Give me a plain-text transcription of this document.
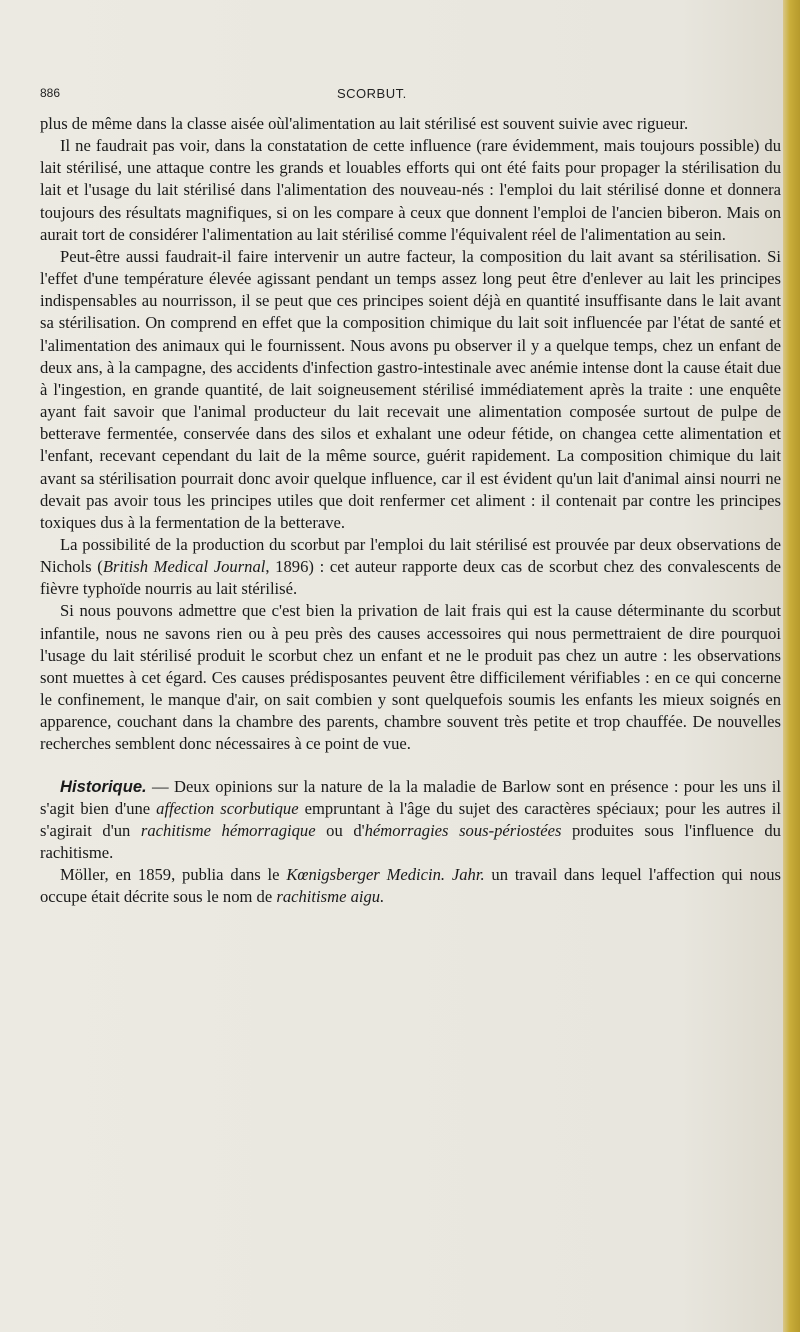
886	SCORBUT.

plus de même dans la classe aisée oùl'alimentation au lait stérilisé est souvent suivie avec rigueur.

Il ne faudrait pas voir, dans la constatation de cette influence (rare évidemment, mais toujours possible) du lait stérilisé, une attaque contre les grands et louables efforts qui ont été faits pour propager la stérilisation du lait et l'usage du lait stérilisé dans l'alimentation des nouveau-nés : l'emploi du lait stérilisé donne et donnera toujours des résultats magnifiques, si on les compare à ceux que donnent l'emploi de l'ancien biberon. Mais on aurait tort de considérer l'alimentation au lait stérilisé comme l'équivalent réel de l'alimentation au sein.

Peut-être aussi faudrait-il faire intervenir un autre facteur, la composition du lait avant sa stérilisation. Si l'effet d'une température élevée agissant pendant un temps assez long peut être d'enlever au lait les principes indispensables au nourrisson, il se peut que ces principes soient déjà en quantité insuffisante dans le lait avant sa stérilisation. On comprend en effet que la composition chimique du lait soit influencée par l'état de santé et l'alimentation des animaux qui le fournissent. Nous avons pu observer il y a quelque temps, chez un enfant de deux ans, à la campagne, des accidents d'infection gastro-intestinale avec anémie intense dont la cause était due à l'ingestion, en grande quantité, de lait soigneusement stérilisé immédiatement après la traite : une enquête ayant fait savoir que l'animal producteur du lait recevait une alimentation composée surtout de pulpe de betterave fermentée, conservée dans des silos et exhalant une odeur fétide, on changea cette alimentation et l'enfant, recevant cependant du lait de la même source, guérit rapidement. La composition chimique du lait avant sa stérilisation pourrait donc avoir quelque influence, car il est évident qu'un lait d'animal ainsi nourri ne devait pas avoir tous les principes utiles que doit renfermer cet aliment : il contenait par contre les principes toxiques dus à la fermentation de la betterave.

La possibilité de la production du scorbut par l'emploi du lait stérilisé est prouvée par deux observations de Nichols (British Medical Journal, 1896) : cet auteur rapporte deux cas de scorbut chez des convalescents de fièvre typhoïde nourris au lait stérilisé.

Si nous pouvons admettre que c'est bien la privation de lait frais qui est la cause déterminante du scorbut infantile, nous ne savons rien ou à peu près des causes accessoires qui nous permettraient de dire pourquoi l'usage du lait stérilisé produit le scorbut chez un enfant et ne le produit pas chez un autre : les observations sont muettes à cet égard. Ces causes prédisposantes peuvent être difficilement vérifiables : en ce qui concerne le confinement, le manque d'air, on sait combien y sont quelquefois soumis les enfants les mieux soignés en apparence, couchant dans la chambre des parents, chambre souvent très petite et trop chauffée. De nouvelles recherches semblent donc nécessaires à ce point de vue.

Historique. — Deux opinions sur la nature de la la maladie de Barlow sont en présence : pour les uns il s'agit bien d'une affection scorbutique empruntant à l'âge du sujet des caractères spéciaux; pour les autres il s'agirait d'un rachitisme hémorragique ou d'hémorragies sous-périostées produites sous l'influence du rachitisme.

Möller, en 1859, publia dans le Kœnigsberger Medicin. Jahr. un travail dans lequel l'affection qui nous occupe était décrite sous le nom de rachitisme aigu.
